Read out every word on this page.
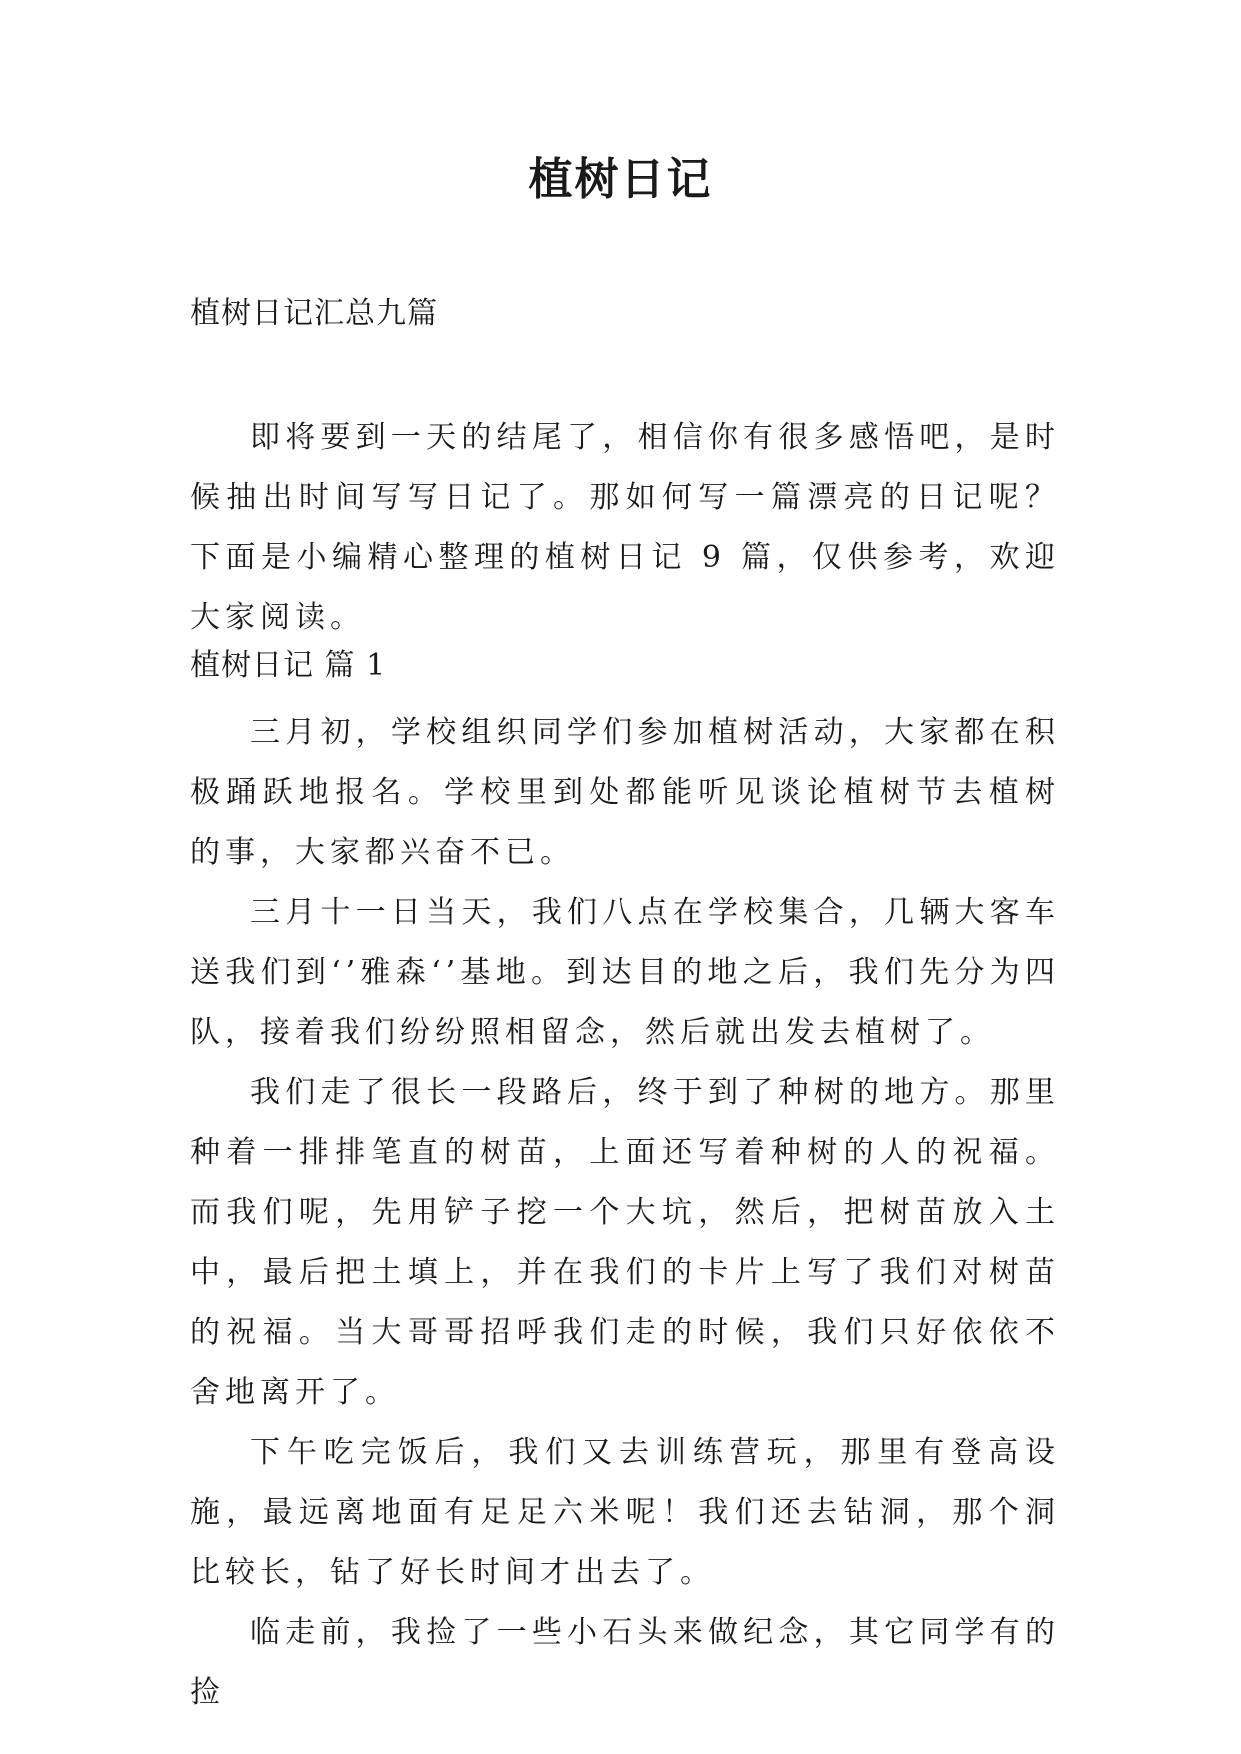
植树日记
植树日记汇总九篇

即将要到一天的结尾了，相信你有很多感悟吧，是时候抽出时间写写日记了。那如何写一篇漂亮的日记呢？下面是小编精心整理的植树日记 9 篇，仅供参考，欢迎大家阅读。

植树日记 篇 1

三月初，学校组织同学们参加植树活动，大家都在积极踊跃地报名。学校里到处都能听见谈论植树节去植树的事，大家都兴奋不已。

三月十一日当天，我们八点在学校集合，几辆大客车送我们到‘’雅森‘’基地。到达目的地之后，我们先分为四队，接着我们纷纷照相留念，然后就出发去植树了。

我们走了很长一段路后，终于到了种树的地方。那里种着一排排笔直的树苗，上面还写着种树的人的祝福。而我们呢，先用铲子挖一个大坑，然后，把树苗放入土中，最后把土填上，并在我们的卡片上写了我们对树苗的祝福。当大哥哥招呼我们走的时候，我们只好依依不舍地离开了。

下午吃完饭后，我们又去训练营玩，那里有登高设施，最远离地面有足足六米呢！我们还去钻洞，那个洞比较长，钻了好长时间才出去了。

临走前，我捡了一些小石头来做纪念，其它同学有的捡
